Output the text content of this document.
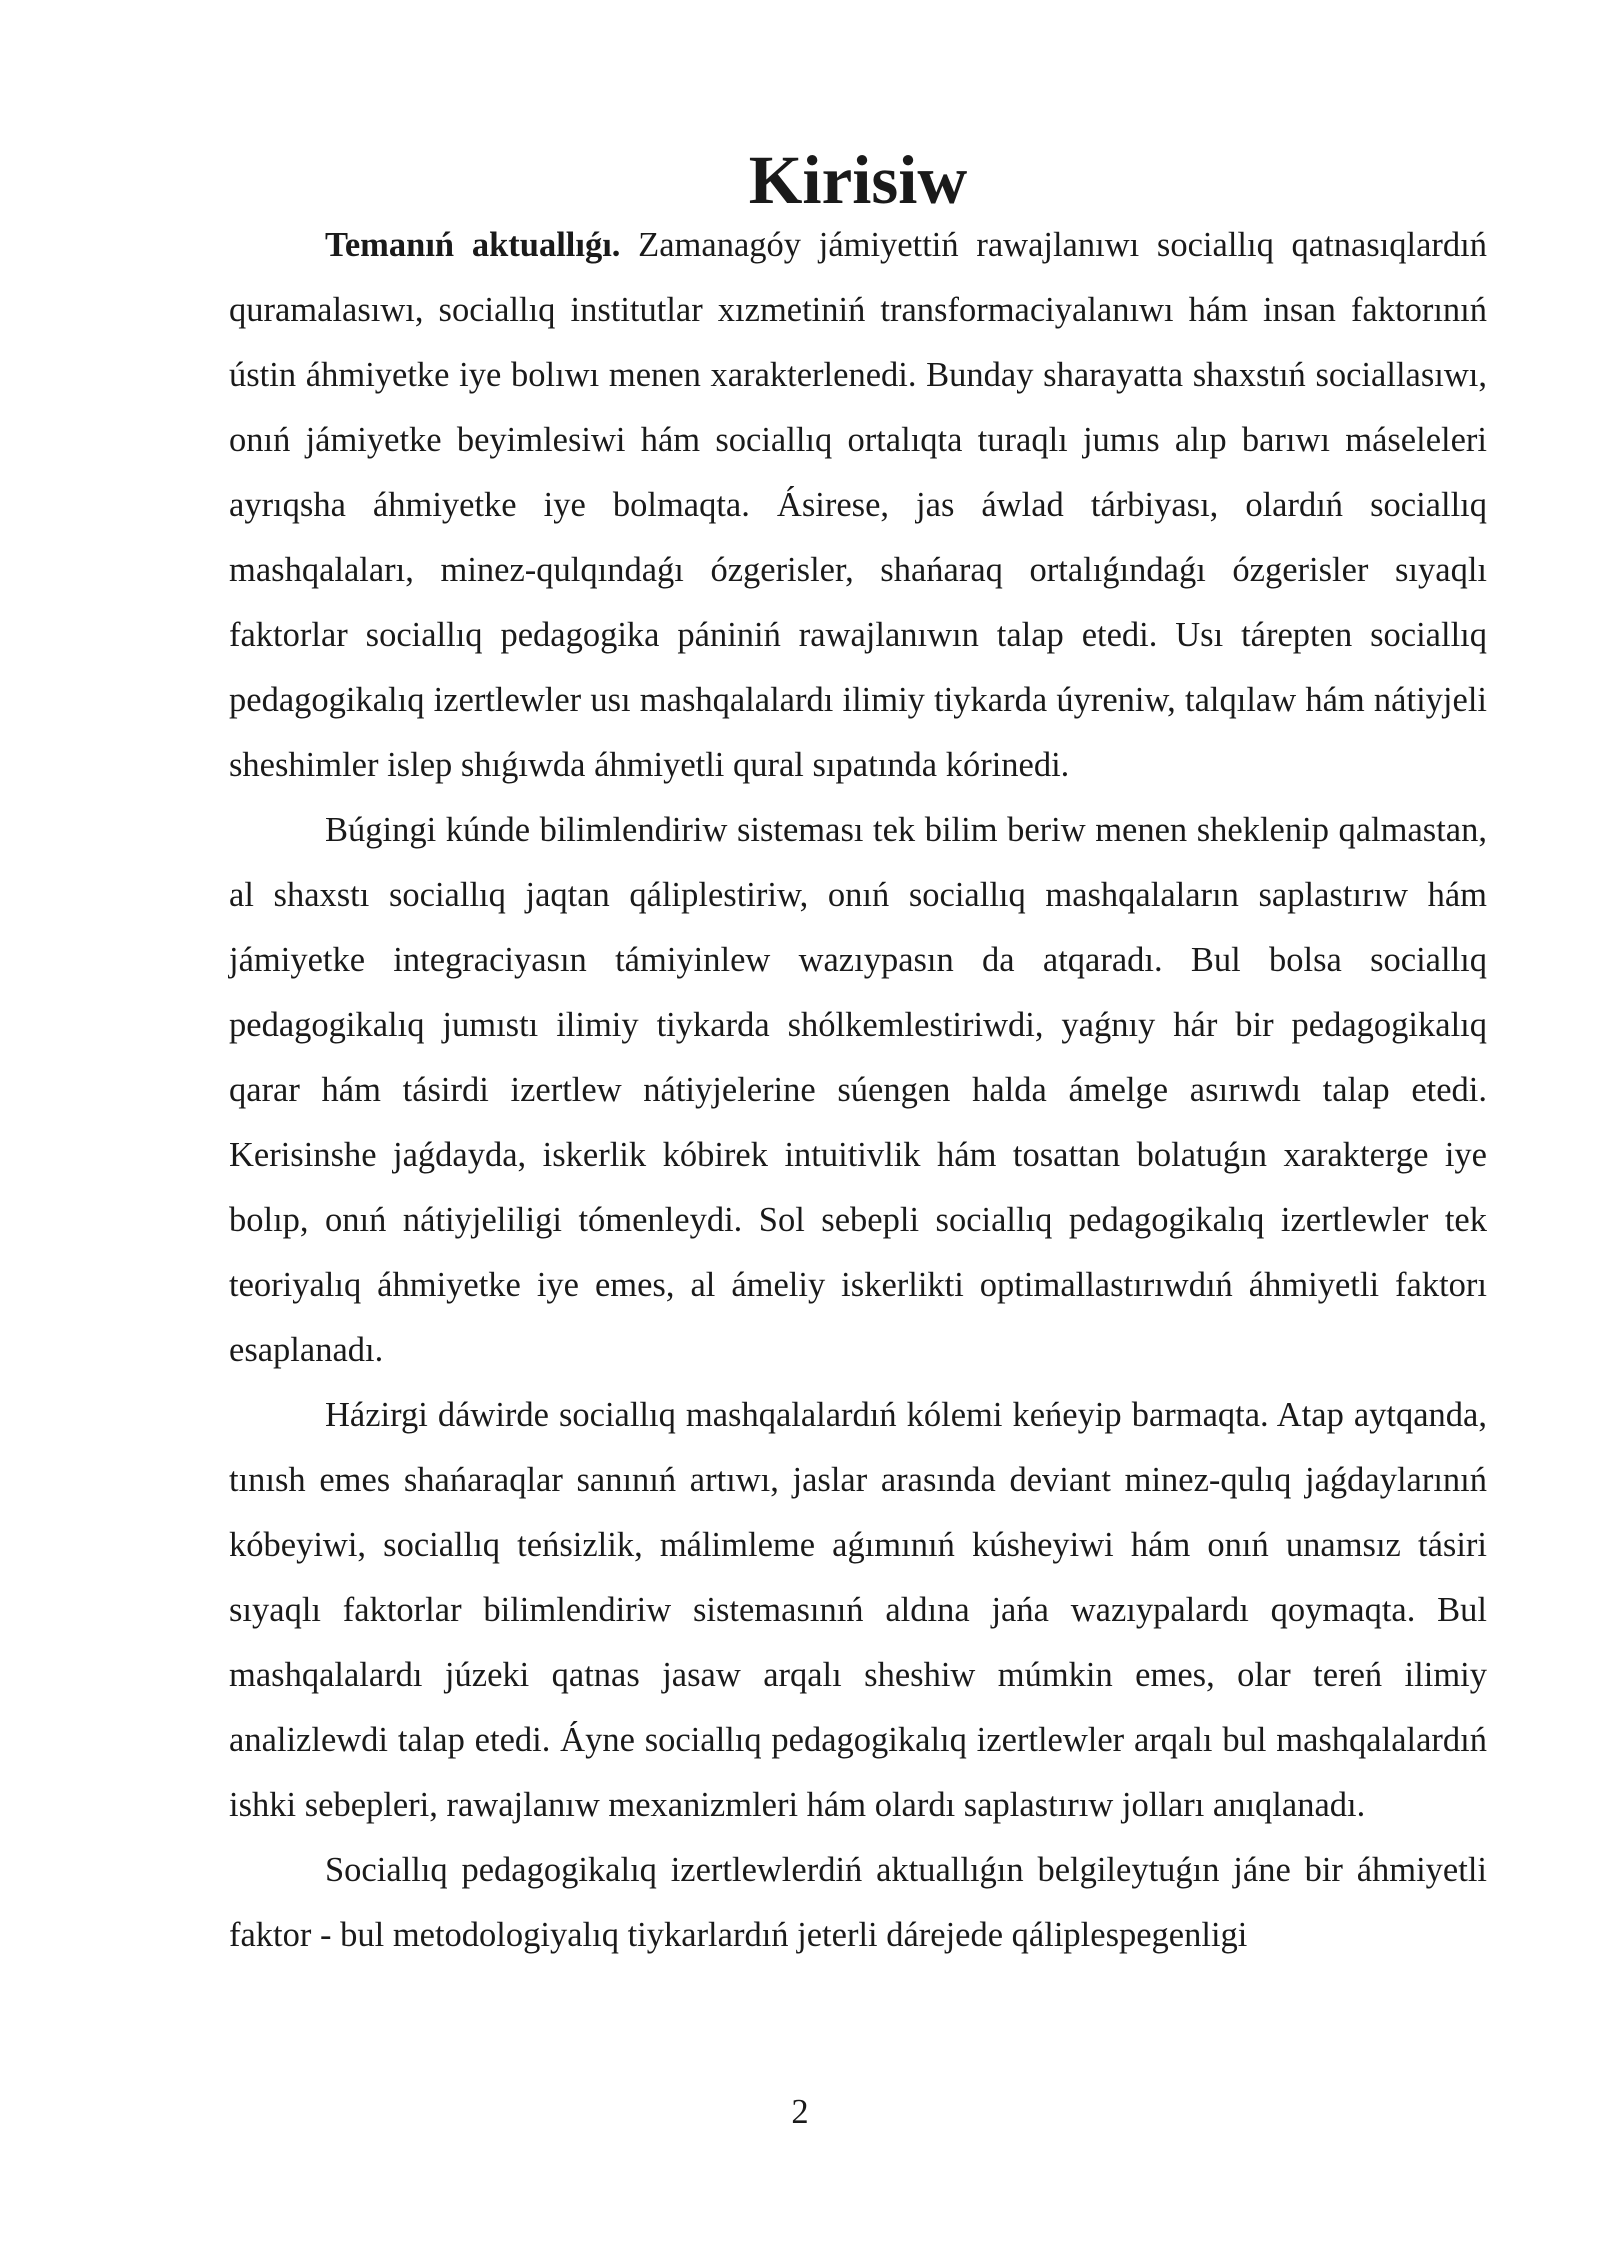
Kirisiw

Temanıń aktuallıǵı. Zamanagóy jámiyettiń rawajlanıwı sociallıq qatnasıqlardıń quramalasıwı, sociallıq institutlar xızmetiniń transformaciyalanıwı hám insan faktorınıń ústin áhmiyetke iye bolıwı menen xarakterlenedi. Bunday sharayatta shaxstıń sociallasıwı, onıń jámiyetke beyimlesiwi hám sociallıq ortalıqta turaqlı jumıs alıp barıwı máseleleri ayrıqsha áhmiyetke iye bolmaqta. Ásirese, jas áwlad tárbiyası, olardıń sociallıq mashqalaları, minez-qulqındaǵı ózgerisler, shańaraq ortalıǵındaǵı ózgerisler sıyaqlı faktorlar sociallıq pedagogika pániniń rawajlanıwın talap etedi. Usı tárepten sociallıq pedagogikalıq izertlewler usı mashqalalardı ilimiy tiykarda úyreniw, talqılaw hám nátiyjeli sheshimler islep shıǵıwda áhmiyetli qural sıpatında kórinedi.

Búgingi kúnde bilimlendiriw sisteması tek bilim beriw menen sheklenip qalmastan, al shaxstı sociallıq jaqtan qáliplestiriw, onıń sociallıq mashqalaların saplastırıw hám jámiyetke integraciyasın támiyinlew wazıypasın da atqaradı. Bul bolsa sociallıq pedagogikalıq jumıstı ilimiy tiykarda shólkemlestiriwdi, yaǵnıy hár bir pedagogikalıq qarar hám tásirdi izertlew nátiyjelerine súengen halda ámelge asırıwdı talap etedi. Kerisinshe jaǵdayda, iskerlik kóbirek intuitivlik hám tosattan bolatuǵın xarakterge iye bolıp, onıń nátiyjeliligi tómenleydi. Sol sebepli sociallıq pedagogikalıq izertlewler tek teoriyalıq áhmiyetke iye emes, al ámeliy iskerlikti optimallastırıwdıń áhmiyetli faktorı esaplanadı.

Házirgi dáwirde sociallıq mashqalalardıń kólemi keńeyip barmaqta. Atap aytqanda, tınısh emes shańaraqlar sanınıń artıwı, jaslar arasında deviant minez-qulıq jaǵdaylarınıń kóbeyiwi, sociallıq teńsizlik, málimleme aǵımınıń kúsheyiwi hám onıń unamsız tásiri sıyaqlı faktorlar bilimlendiriw sistemasınıń aldına jańa wazıypalardı qoymaqta. Bul mashqalalardı júzeki qatnas jasaw arqalı sheshiw múmkin emes, olar tereń ilimiy analizlewdi talap etedi. Áyne sociallıq pedagogikalıq izertlewler arqalı bul mashqalalardıń ishki sebepleri, rawajlanıw mexanizmleri hám olardı saplastırıw jolları anıqlanadı.

Sociallıq pedagogikalıq izertlewlerdiń aktuallıǵın belgileytuǵın jáne bir áhmiyetli faktor - bul metodologiyalıq tiykarlardıń jeterli dárejede qáliplespegenligi

2
